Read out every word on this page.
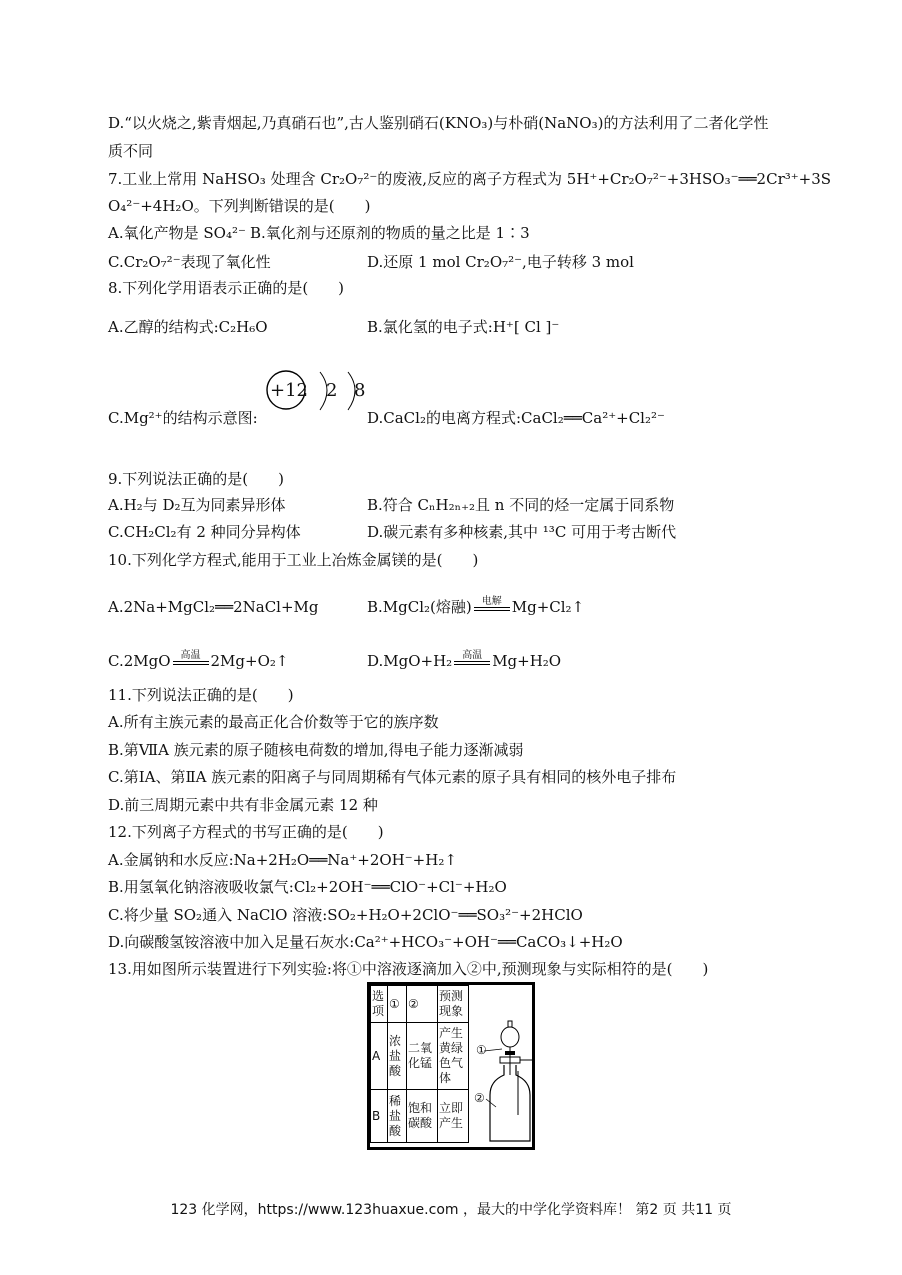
D.“以火烧之,紫青烟起,乃真硝石也”,古人鉴别硝石(KNO₃)与朴硝(NaNO₃)的方法利用了二者化学性
质不同
7.工业上常用 NaHSO₃ 处理含 Cr₂O₇²⁻的废液,反应的离子方程式为 5H⁺+Cr₂O₇²⁻+3HSO₃⁻══2Cr³⁺+3S
O₄²⁻+4H₂O。下列判断错误的是(　　)
A.氧化产物是 SO₄²⁻ B.氧化剂与还原剂的物质的量之比是 1∶3
C.Cr₂O₇²⁻表现了氧化性	D.还原 1 mol Cr₂O₇²⁻,电子转移 3 mol
8.下列化学用语表示正确的是(　　)
A.乙醇的结构式:C₂H₆O	B.氯化氢的电子式:H⁺[ Cl ]⁻
C.Mg²⁺的结构示意图:
+12 2 8
D.CaCl₂的电离方程式:CaCl₂══Ca²⁺+Cl₂²⁻
9.下列说法正确的是(　　)
A.H₂与 D₂互为同素异形体	B.符合 CₙH₂ₙ₊₂且 n 不同的烃一定属于同系物
C.CH₂Cl₂有 2 种同分异构体	D.碳元素有多种核素,其中 ¹³C 可用于考古断代
10.下列化学方程式,能用于工业上冶炼金属镁的是(　　)
A.2Na+MgCl₂══2NaCl+Mg	B.MgCl₂(熔融)	电解 Mg+Cl₂↑
C.2MgO	高温 2Mg+O₂↑	D.MgO+H₂	高温 Mg+H₂O
11.下列说法正确的是(　　)
A.所有主族元素的最高正化合价数等于它的族序数
B.第ⅦA 族元素的原子随核电荷数的增加,得电子能力逐渐减弱
C.第ⅠA、第ⅡA 族元素的阳离子与同周期稀有气体元素的原子具有相同的核外电子排布
D.前三周期元素中共有非金属元素 12 种
12.下列离子方程式的书写正确的是(　　)
A.金属钠和水反应:Na+2H₂O══Na⁺+2OH⁻+H₂↑
B.用氢氧化钠溶液吸收氯气:Cl₂+2OH⁻══ClO⁻+Cl⁻+H₂O
C.将少量 SO₂通入 NaClO 溶液:SO₂+H₂O+2ClO⁻══SO₃²⁻+2HClO
D.向碳酸氢铵溶液中加入足量石灰水:Ca²⁺+HCO₃⁻+OH⁻══CaCO₃↓+H₂O
13.用如图所示装置进行下列实验:将①中溶液逐滴加入②中,预测现象与实际相符的是(　　)
选项	①	②	预测现象
A	浓盐酸	二氧化锰	产生黄绿色气体
B	稀盐酸	饱和碳酸	立即产生
①
②
123 化学网，https://www.123huaxue.com ，最大的中学化学资料库！ 第2 页 共11 页
